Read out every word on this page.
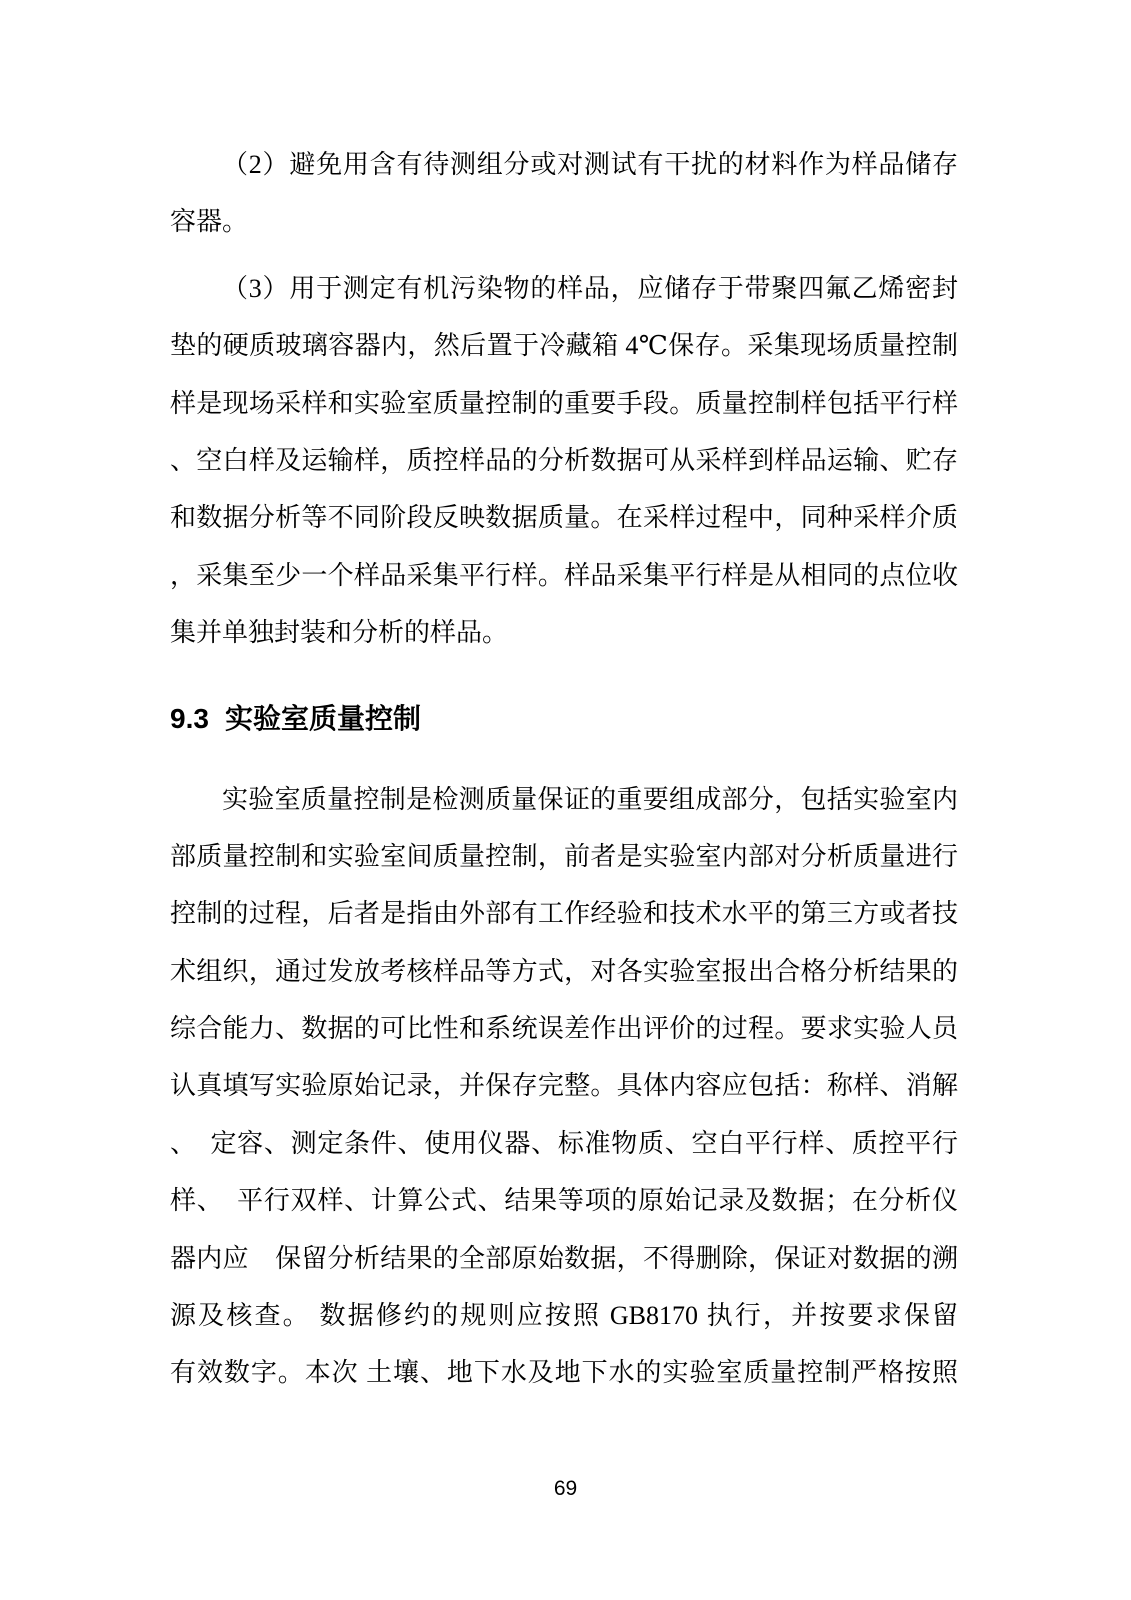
（2）避免用含有待测组分或对测试有干扰的材料作为样品储存
容器。
（3）用于测定有机污染物的样品，应储存于带聚四氟乙烯密封
垫的硬质玻璃容器内，然后置于冷藏箱 4℃保存。采集现场质量控制
样是现场采样和实验室质量控制的重要手段。质量控制样包括平行样
、空白样及运输样，质控样品的分析数据可从采样到样品运输、贮存
和数据分析等不同阶段反映数据质量。在采样过程中，同种采样介质
，采集至少一个样品采集平行样。样品采集平行样是从相同的点位收
集并单独封装和分析的样品。
9.3 实验室质量控制
实验室质量控制是检测质量保证的重要组成部分，包括实验室内
部质量控制和实验室间质量控制，前者是实验室内部对分析质量进行
控制的过程，后者是指由外部有工作经验和技术水平的第三方或者技
术组织，通过发放考核样品等方式，对各实验室报出合格分析结果的
综合能力、数据的可比性和系统误差作出评价的过程。要求实验人员
认真填写实验原始记录，并保存完整。具体内容应包括：称样、消解
、　定容、测定条件、使用仪器、标准物质、空白平行样、质控平行
样、　平行双样、计算公式、结果等项的原始记录及数据；在分析仪
器内应　保留分析结果的全部原始数据，不得删除，保证对数据的溯
源及核查。 数据修约的规则应按照 GB8170 执行，并按要求保留
有效数字。本次 土壤、地下水及地下水的实验室质量控制严格按照
69
